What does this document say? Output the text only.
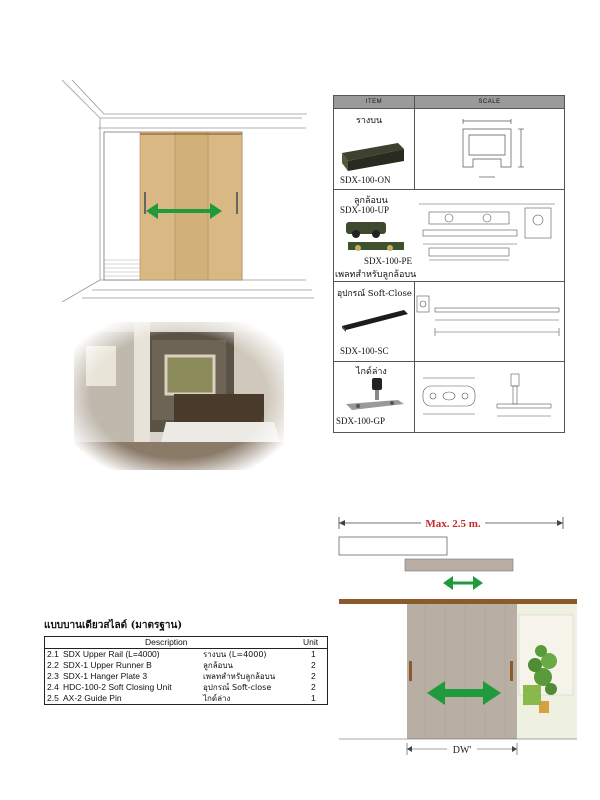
ITEM	SCALE
รางบน
SDX-100-ON
ลูกล้อบน
SDX-100-UP
SDX-100-PE
เพลทสำหรับลูกล้อบน
อุปกรณ์ Soft-Close
SDX-100-SC
ไกด์ล่าง
SDX-100-GP
แบบบานเดียวสไลด์ (มาตรฐาน)
Description	Unit
2.1 SDX Upper Rail (L=4000)	รางบน (L=4000)	1
2.2 SDX-1 Upper Runner B	ลูกล้อบน	2
2.3 SDX-1 Hanger Plate 3	เพลทสำหรับลูกล้อบน	2
2.4 HDC-100-2 Soft Closing Unit	อุปกรณ์ Soft-close	2
2.5 AX-2 Guide Pin	ไกด์ล่าง	1
Max. 2.5 m.
DW'
